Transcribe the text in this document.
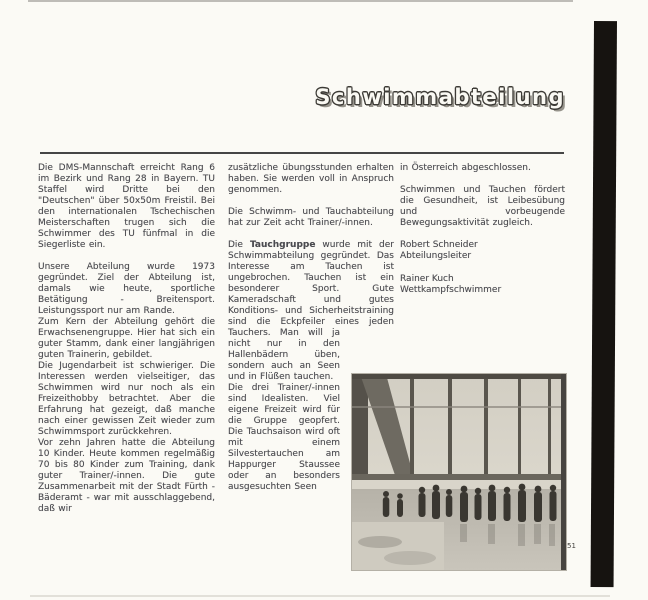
Schwimmabteilung

Die DMS-Mannschaft erreicht Rang 6 im Bezirk und Rang 28 in Bayern. TU Staffel wird Dritte bei den "Deutschen" über 50x50m Freistil. Bei den internationalen Tschechischen Meisterschaften trugen sich die Schwimmer des TU fünfmal in die Siegerliste ein.

Unsere Abteilung wurde 1973 gegründet. Ziel der Abteilung ist, damals wie heute, sportliche Betätigung - Breitensport. Leistungssport nur am Rande.

Zum Kern der Abteilung gehört die Erwachsenengruppe. Hier hat sich ein guter Stamm, dank einer langjährigen guten Trainerin, gebildet.

Die Jugendarbeit ist schwieriger. Die Interessen werden vielseitiger, das Schwimmen wird nur noch als ein Freizeithobby betrachtet. Aber die Erfahrung hat gezeigt, daß manche nach einer gewissen Zeit wieder zum Schwimmsport zurückkehren.

Vor zehn Jahren hatte die Abteilung 10 Kinder. Heute kommen regelmäßig 70 bis 80 Kinder zum Training, dank guter Trainer/-innen. Die gute Zusammenarbeit mit der Stadt Fürth - Bäderamt - war mit ausschlaggebend, daß wir

zusätzliche übungsstunden erhalten haben. Sie werden voll in Anspruch genommen.

Die Schwimm- und Tauchabteilung hat zur Zeit acht Trainer/-innen.

Die Tauchgruppe wurde mit der Schwimmabteilung gegründet. Das Interesse am Tauchen ist ungebrochen. Tauchen ist ein besonderer Sport. Gute Kameradschaft und gutes Konditions- und Sicherheitstraining sind die Eckpfeiler eines jeden Tauchers. Man will ja nicht nur in den Hallenbädern üben, sondern auch an Seen und in Flüßen tauchen.

Die drei Trainer/-innen sind Idealisten. Viel eigene Freizeit wird für die Gruppe geopfert. Die Tauchsaison wird oft mit einem Silvestertauchen am Happurger Staussee oder an besonders ausgesuchten Seen

in Österreich abgeschlossen.

Schwimmen und Tauchen fördert die Gesundheit, ist Leibesübung und vorbeugende Bewegungsaktivität zugleich.

Robert Schneider
Abteilungsleiter
Rainer Kuch
Wettkampfschwimmer
51
